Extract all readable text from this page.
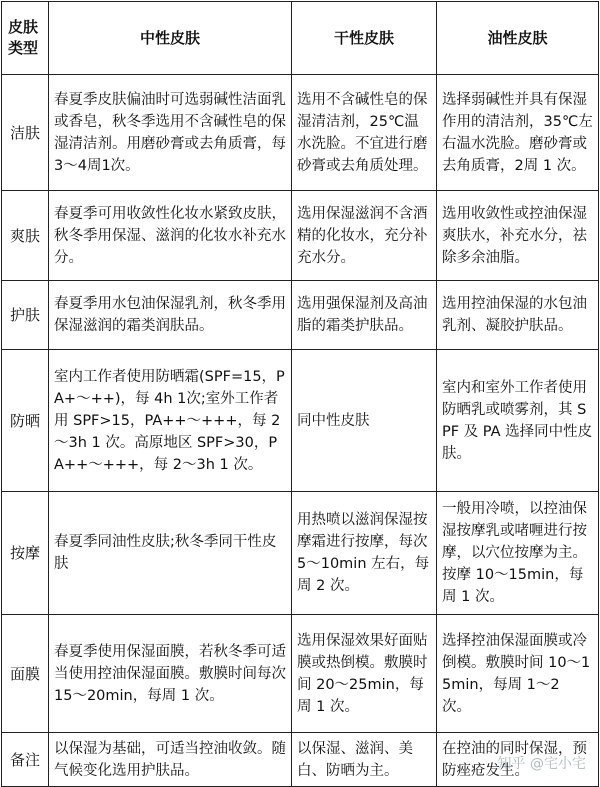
皮肤类型	中性皮肤	干性皮肤	油性皮肤
洁肤	春夏季皮肤偏油时可选弱碱性洁面乳或香皂，秋冬季选用不含碱性皂的保湿清洁剂。用磨砂膏或去角质膏，每3～4周1次。	选用不含碱性皂的保湿清洁剂，25℃温水洗脸。不宜进行磨砂膏或去角质处理。	选择弱碱性并具有保湿作用的清洁剂，35℃左右温水洗脸。磨砂膏或去角质膏，2周 1 次。
爽肤	春夏季可用收敛性化妆水紧致皮肤，秋冬季用保湿、滋润的化妆水补充水分。	选用保湿滋润不含酒精的化妆水，充分补充水分。	选用收敛性或控油保湿爽肤水，补充水分，祛除多余油脂。
护肤	春夏季用水包油保湿乳剂，秋冬季用保湿滋润的霜类润肤品。	选用强保湿剂及高油脂的霜类护肤品。	选用控油保湿的水包油乳剂、凝胶护肤品。
防晒	室内工作者使用防晒霜(SPF=15，PA+～++)，每 4h 1次;室外工作者用 SPF>15，PA++～+++，每 2～3h 1 次。高原地区 SPF>30，PA++～+++，每 2～3h 1 次。	同中性皮肤	室内和室外工作者使用防晒乳或喷雾剂，其 SPF 及 PA 选择同中性皮肤。
按摩	春夏季同油性皮肤;秋冬季同干性皮肤	用热喷以滋润保湿按摩霜进行按摩，每次 5～10min 左右，每周 2 次。	一般用冷喷，以控油保湿按摩乳或啫喱进行按摩，以穴位按摩为主。按摩 10～15min，每周 1 次。
面膜	春夏季使用保湿面膜，若秋冬季可适当使用控油保湿面膜。敷膜时间每次 15～20min，每周 1 次。	选用保湿效果好面贴膜或热倒模。敷膜时间 20～25min，每周 1 次。	选择控油保湿面膜或冷倒模。敷膜时间 10～15min，每周 1～2 次。
备注	以保湿为基础，可适当控油收敛。随气候变化选用护肤品。	以保湿、滋润、美白、防晒为主。	在控油的同时保湿，预防痤疮发生。
知乎 @宅小宅
